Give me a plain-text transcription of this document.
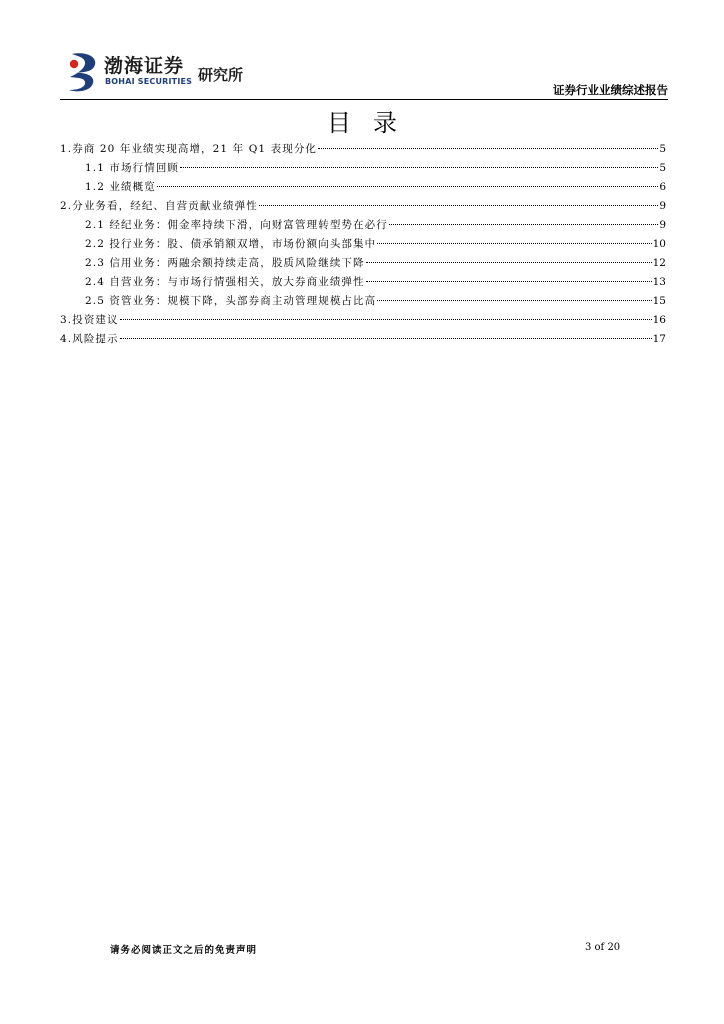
渤海证券
BOHAI SECURITIES 研究所
证券行业业绩综述报告
目录
1.券商 20 年业绩实现高增，21 年 Q1 表现分化	5
1.1 市场行情回顾	5
1.2 业绩概览	6
2.分业务看，经纪、自营贡献业绩弹性	9
2.1 经纪业务：佣金率持续下滑，向财富管理转型势在必行	9
2.2 投行业务：股、债承销额双增，市场份额向头部集中	10
2.3 信用业务：两融余额持续走高，股质风险继续下降	12
2.4 自营业务：与市场行情强相关，放大券商业绩弹性	13
2.5 资管业务：规模下降，头部券商主动管理规模占比高	15
3.投资建议	16
4.风险提示	17
请务必阅读正文之后的免责声明	3 of 20
